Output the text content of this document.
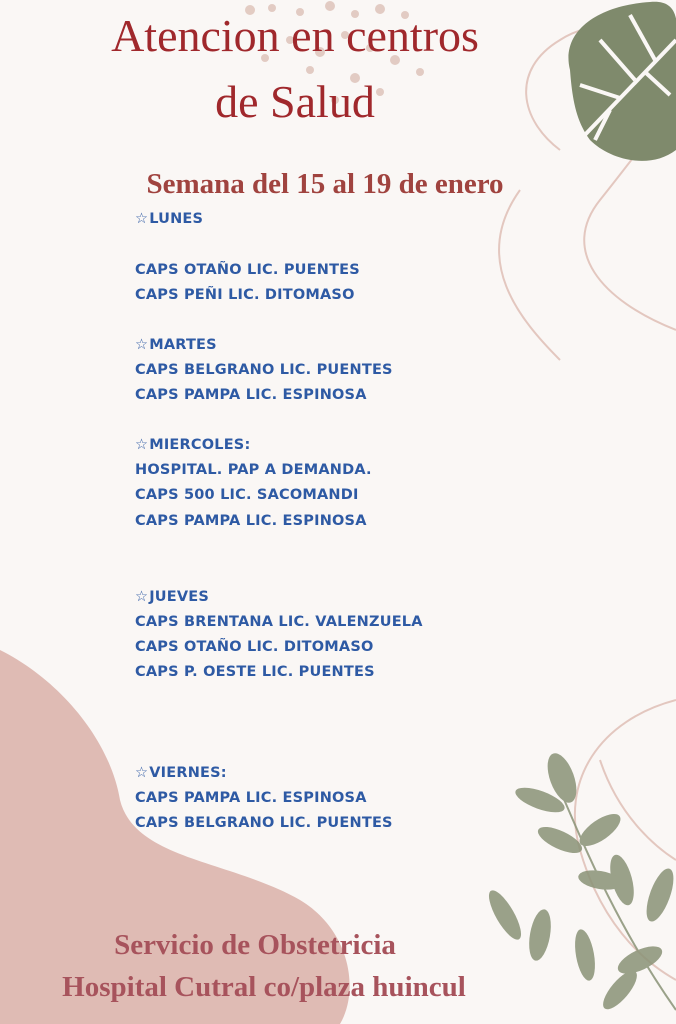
Atencion en centros
de Salud
Semana del 15 al 19 de enero
☆ LUNES
CAPS OTAÑO LIC. PUENTES
CAPS PEÑI LIC. DITOMASO
☆ MARTES
CAPS BELGRANO LIC. PUENTES
CAPS PAMPA LIC. ESPINOSA
☆ MIERCOLES:
HOSPITAL. PAP A DEMANDA.
CAPS 500 LIC. SACOMANDI
CAPS PAMPA LIC. ESPINOSA
☆ JUEVES
CAPS BRENTANA LIC. VALENZUELA
CAPS OTAÑO LIC. DITOMASO
CAPS P. OESTE LIC. PUENTES
☆ VIERNES:
CAPS PAMPA LIC. ESPINOSA
CAPS BELGRANO LIC. PUENTES

Servicio de Obstetricia

Hospital Cutral co/plaza huincul
